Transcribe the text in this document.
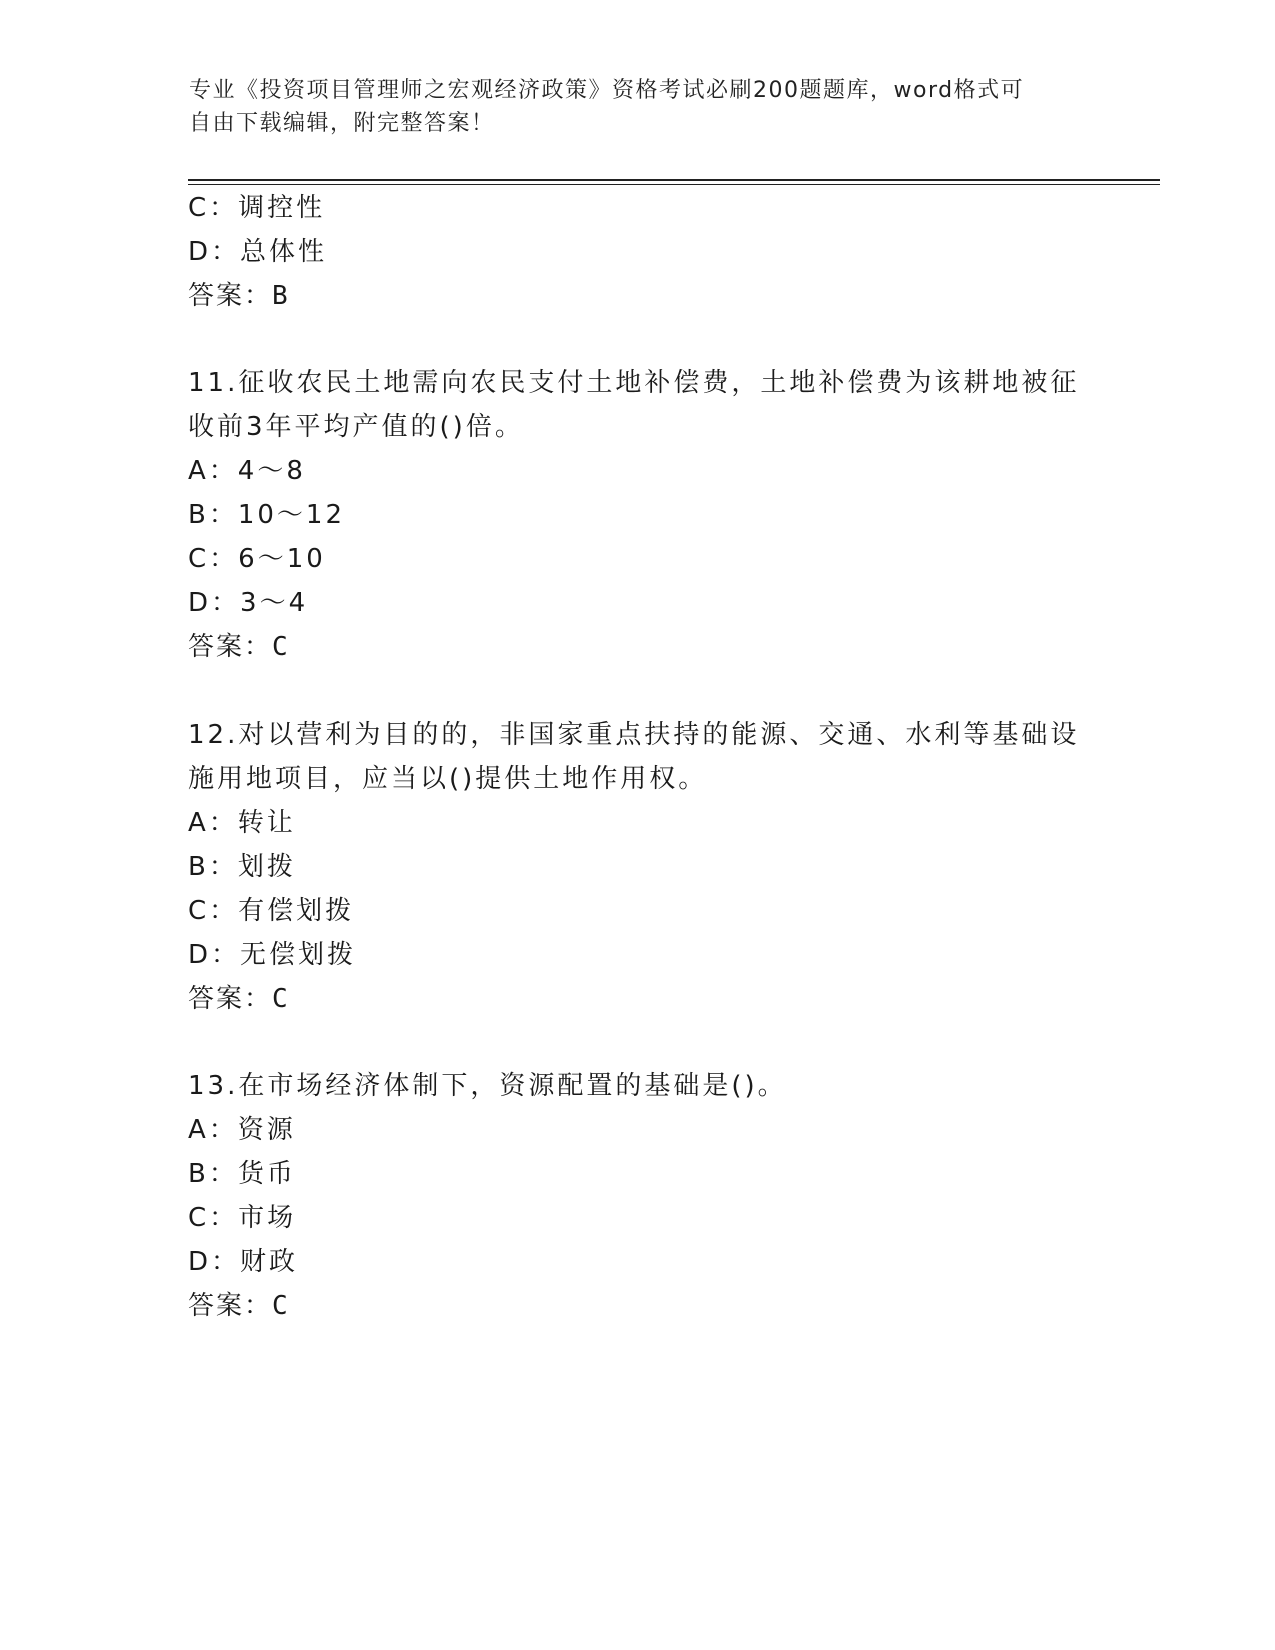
专业《投资项目管理师之宏观经济政策》资格考试必刷200题题库，word格式可
自由下载编辑，附完整答案！
C：调控性
D：总体性
答案：B
11.征收农民土地需向农民支付土地补偿费，土地补偿费为该耕地被征
收前3年平均产值的()倍。
A：4～8
B：10～12
C：6～10
D：3～4
答案：C
12.对以营利为目的的，非国家重点扶持的能源、交通、水利等基础设
施用地项目，应当以()提供土地作用权。
A：转让
B：划拨
C：有偿划拨
D：无偿划拨
答案：C
13.在市场经济体制下，资源配置的基础是()。
A：资源
B：货币
C：市场
D：财政
答案：C
